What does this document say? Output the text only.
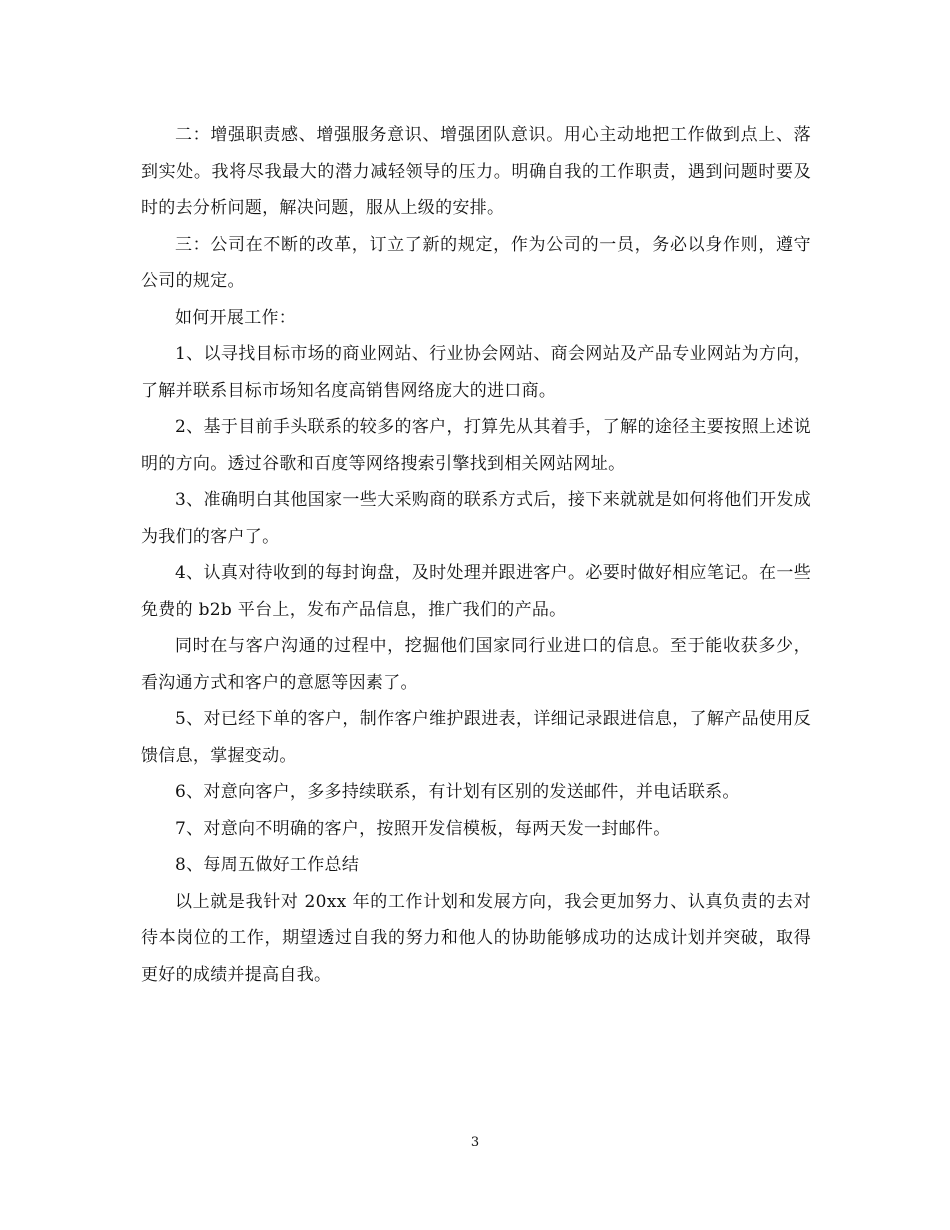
二：增强职责感、增强服务意识、增强团队意识。用心主动地把工作做到点上、落到实处。我将尽我最大的潜力减轻领导的压力。明确自我的工作职责，遇到问题时要及时的去分析问题，解决问题，服从上级的安排。

三：公司在不断的改革，订立了新的规定，作为公司的一员，务必以身作则，遵守公司的规定。

如何开展工作：

1、以寻找目标市场的商业网站、行业协会网站、商会网站及产品专业网站为方向，了解并联系目标市场知名度高销售网络庞大的进口商。

2、基于目前手头联系的较多的客户，打算先从其着手，了解的途径主要按照上述说明的方向。透过谷歌和百度等网络搜索引擎找到相关网站网址。

3、准确明白其他国家一些大采购商的联系方式后，接下来就就是如何将他们开发成为我们的客户了。

4、认真对待收到的每封询盘，及时处理并跟进客户。必要时做好相应笔记。在一些免费的 b2b 平台上，发布产品信息，推广我们的产品。

同时在与客户沟通的过程中，挖掘他们国家同行业进口的信息。至于能收获多少，看沟通方式和客户的意愿等因素了。

5、对已经下单的客户，制作客户维护跟进表，详细记录跟进信息，了解产品使用反馈信息，掌握变动。

6、对意向客户，多多持续联系，有计划有区别的发送邮件，并电话联系。

7、对意向不明确的客户，按照开发信模板，每两天发一封邮件。

8、每周五做好工作总结

以上就是我针对 20xx 年的工作计划和发展方向，我会更加努力、认真负责的去对待本岗位的工作，期望透过自我的努力和他人的协助能够成功的达成计划并突破，取得更好的成绩并提高自我。

3
